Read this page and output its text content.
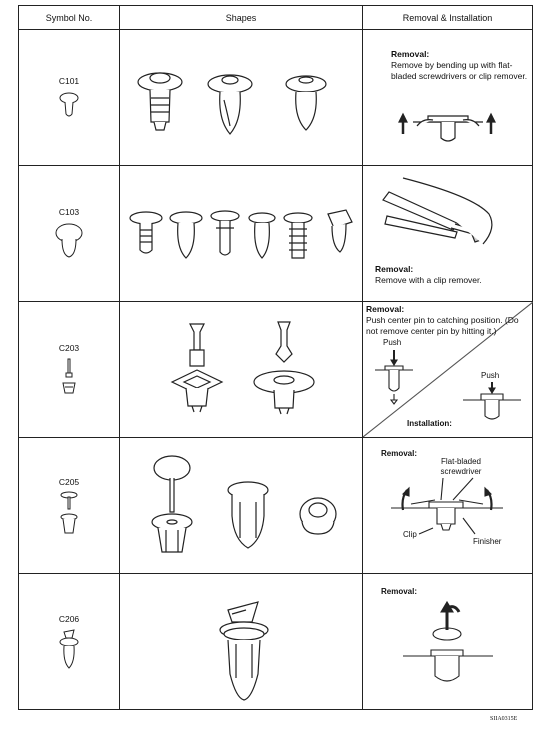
Symbol No.	Shapes	Removal & Installation

C101		Removal:
Remove by bending up with flat-bladed screwdrivers or clip remover.

C103		Removal:
Remove with a clip remover.

C203		Removal:
Push center pin to catching position. (Do not remove center pin by hitting it.)
Push
Push
Installation:

C205		Removal:
Flat-bladed screwdriver
Clip
Finisher

C206		Removal:
SIIA0315E
